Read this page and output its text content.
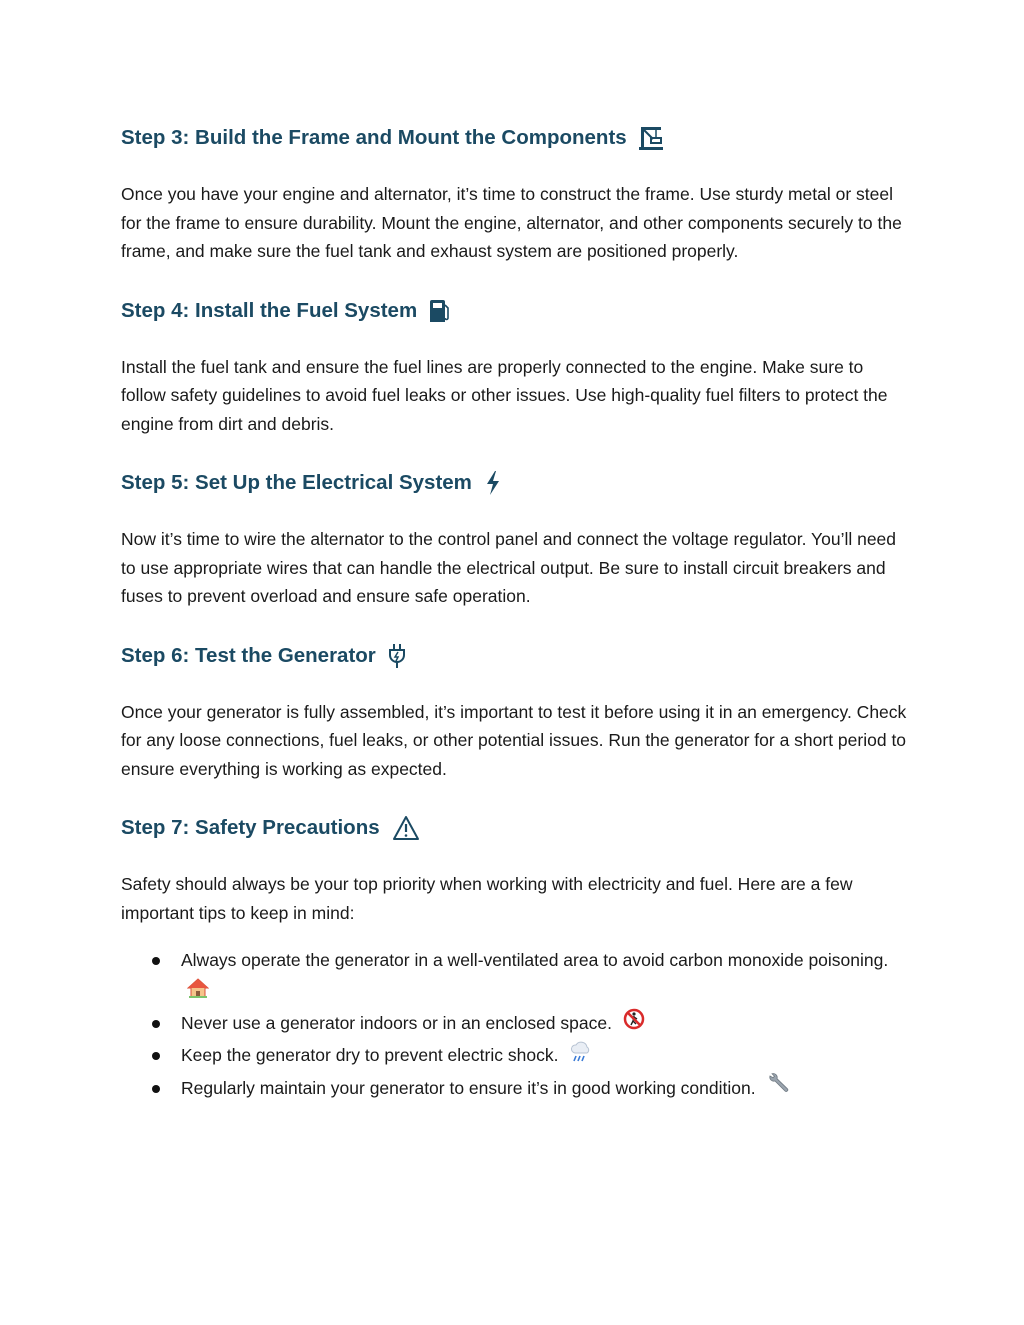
Step 3: Build the Frame and Mount the Components

Once you have your engine and alternator, it’s time to construct the frame. Use sturdy metal or steel for the frame to ensure durability. Mount the engine, alternator, and other components securely to the frame, and make sure the fuel tank and exhaust system are positioned properly.

Step 4: Install the Fuel System

Install the fuel tank and ensure the fuel lines are properly connected to the engine. Make sure to follow safety guidelines to avoid fuel leaks or other issues. Use high-quality fuel filters to protect the engine from dirt and debris.

Step 5: Set Up the Electrical System

Now it’s time to wire the alternator to the control panel and connect the voltage regulator. You’ll need to use appropriate wires that can handle the electrical output. Be sure to install circuit breakers and fuses to prevent overload and ensure safe operation.

Step 6: Test the Generator

Once your generator is fully assembled, it’s important to test it before using it in an emergency. Check for any loose connections, fuel leaks, or other potential issues. Run the generator for a short period to ensure everything is working as expected.

Step 7: Safety Precautions

Safety should always be your top priority when working with electricity and fuel. Here are a few important tips to keep in mind:

Always operate the generator in a well-ventilated area to avoid carbon monoxide poisoning.
Never use a generator indoors or in an enclosed space.
Keep the generator dry to prevent electric shock.
Regularly maintain your generator to ensure it’s in good working condition.
